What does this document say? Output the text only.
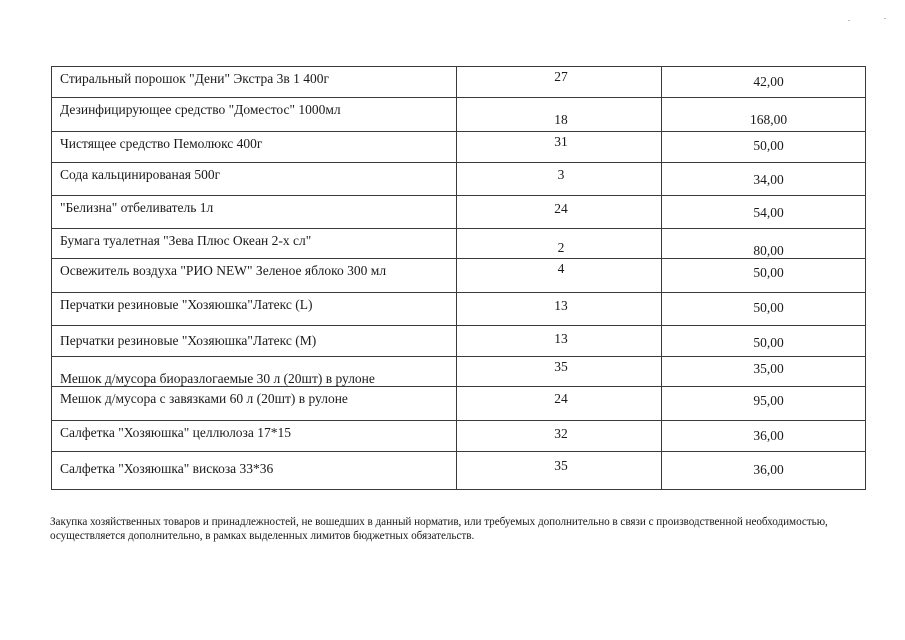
Стиральный порошок "Дени" Экстра 3в 1 400г	27	42,00

Дезинфицирующее средство "Доместос" 1000мл	18	168,00

Чистящее средство Пемолюкс 400г	31	50,00

Сода кальцинированая 500г	3	34,00

"Белизна" отбеливатель 1л	24	54,00

Бумага туалетная "Зева Плюс Океан 2-х сл"	2	80,00

Освежитель воздуха "РИО NEW" Зеленое яблоко 300 мл	4	50,00

Перчатки резиновые "Хозяюшка"Латекс (L)	13	50,00

Перчатки резиновые "Хозяюшка"Латекс (M)	13	50,00

Мешок д/мусора биоразлогаемые 30 л (20шт) в рулоне	35	35,00

Мешок д/мусора с завязками 60 л (20шт) в рулоне	24	95,00

Салфетка "Хозяюшка" целлюлоза 17*15	32	36,00

Салфетка "Хозяюшка" вискоза 33*36	35	36,00
Закупка хозяйственных товаров и принадлежностей, не вошедших в данный норматив, или требуемых дополнительно в связи с производственной необходимостью, осуществляется дополнительно, в рамках выделенных лимитов бюджетных обязательств.
